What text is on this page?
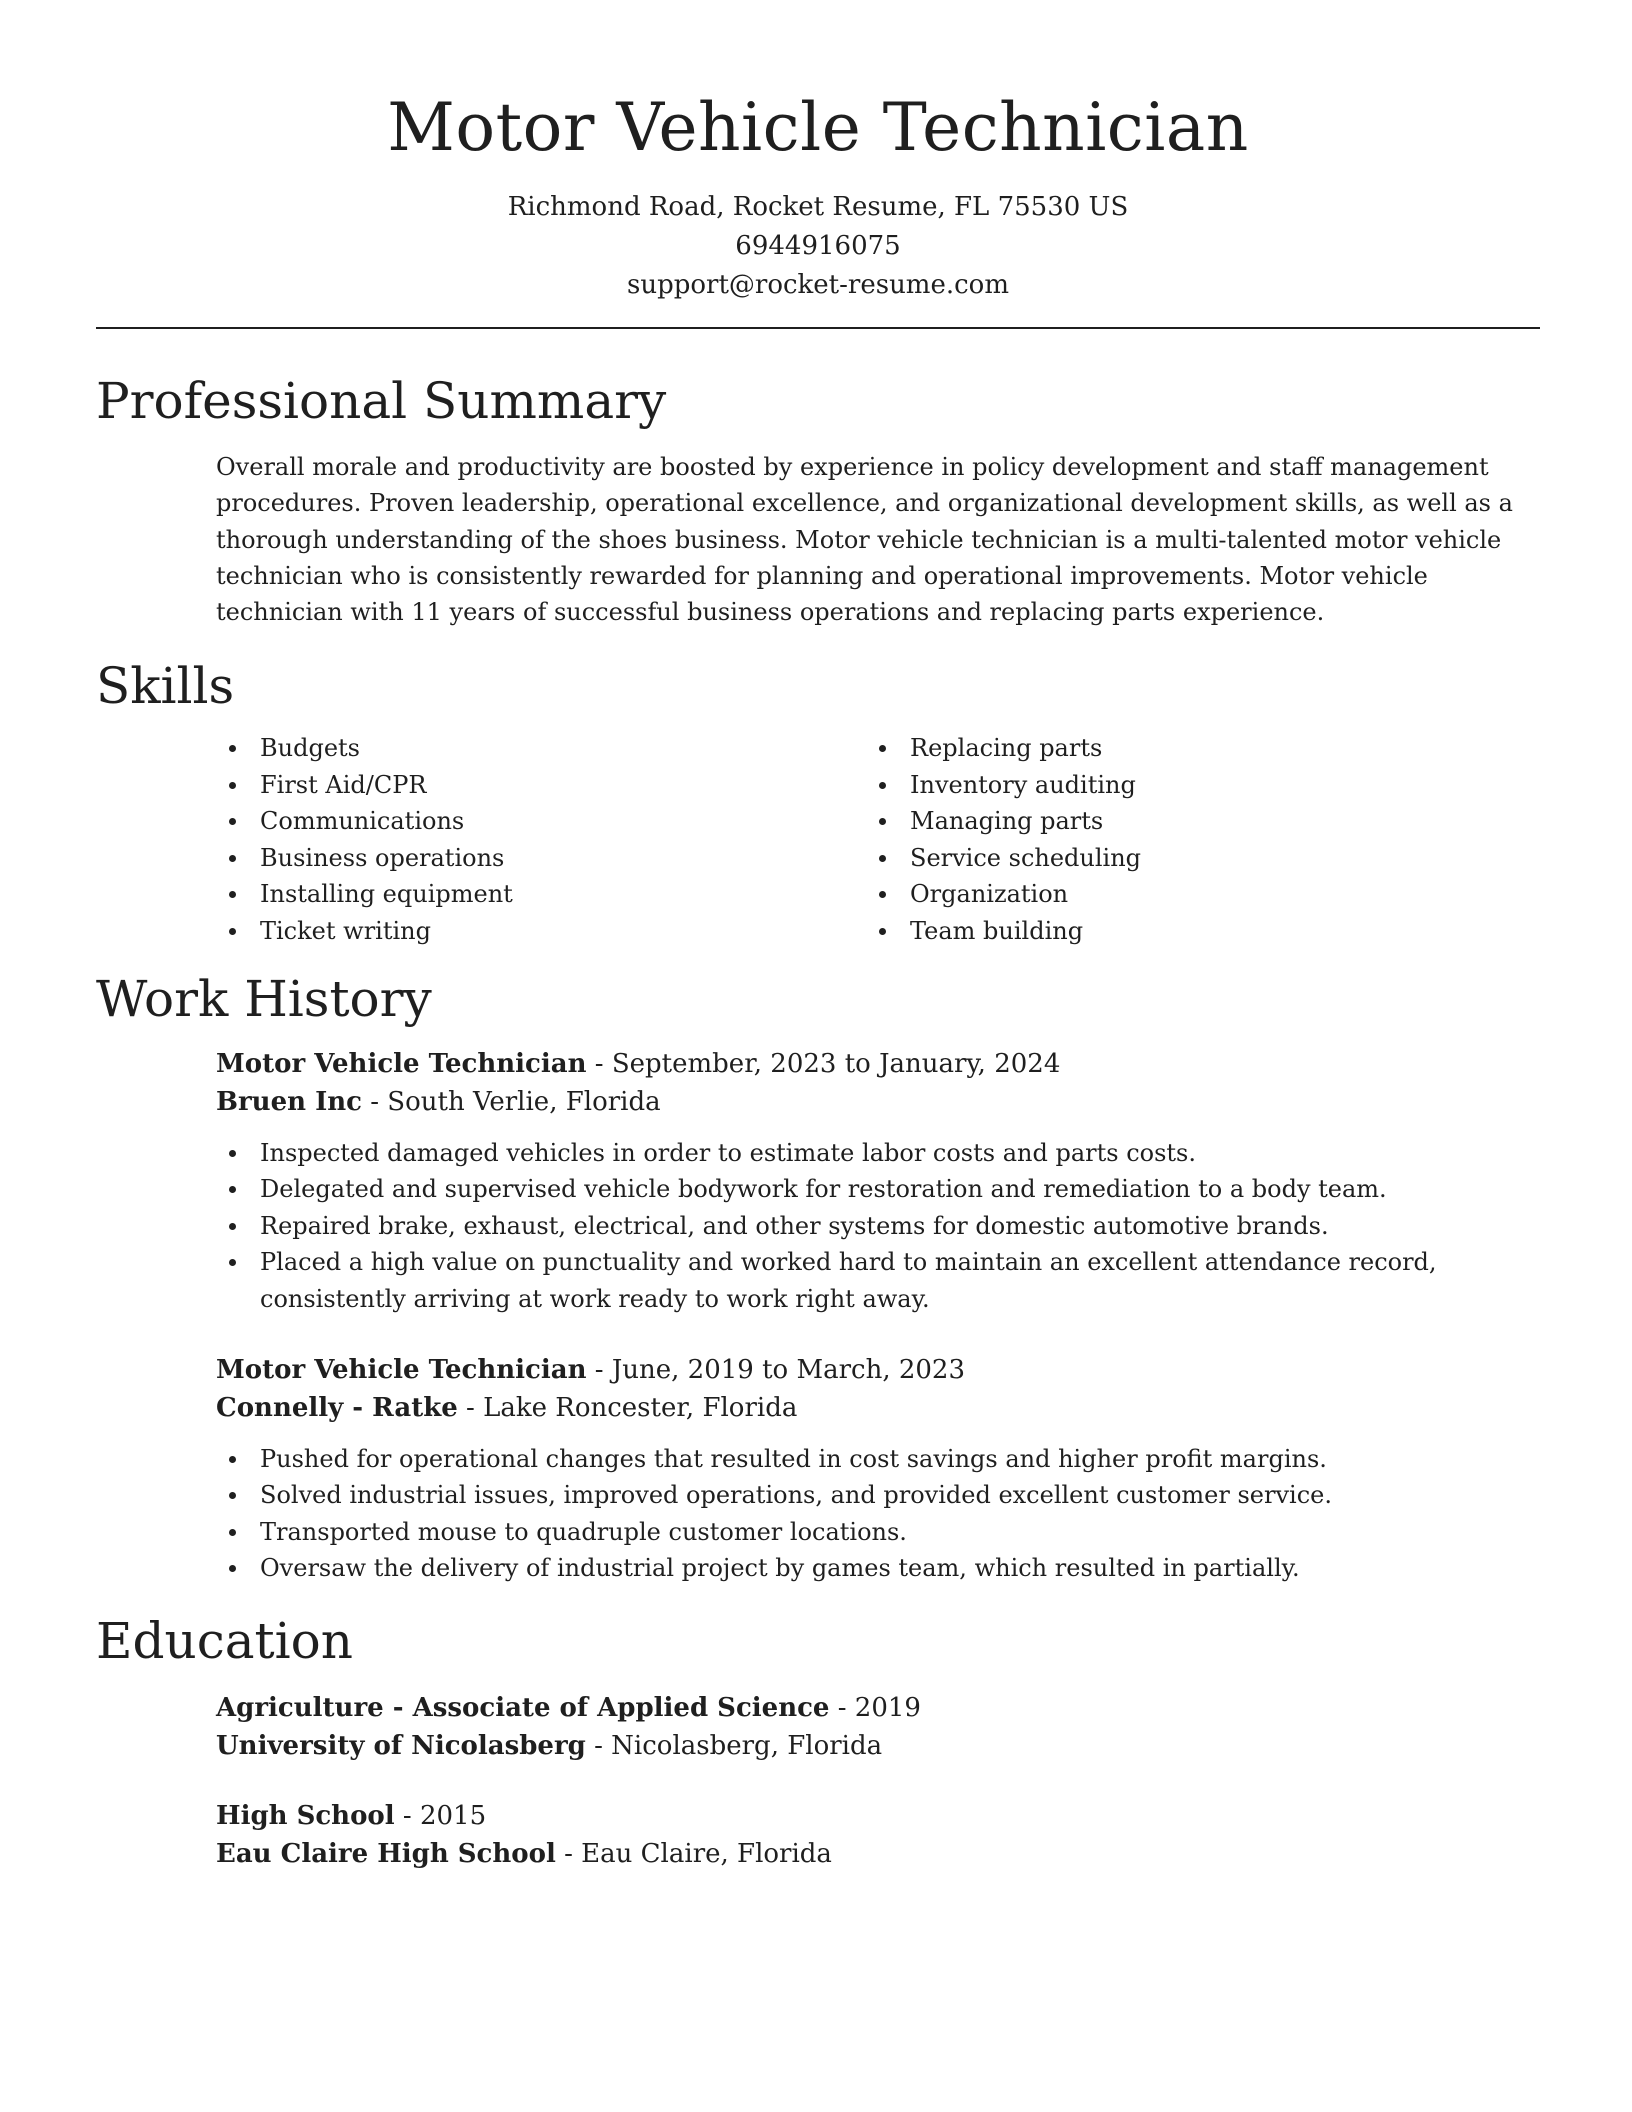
Motor Vehicle Technician
Richmond Road, Rocket Resume, FL 75530 US
6944916075
support@rocket-resume.com
Professional Summary
Overall morale and productivity are boosted by experience in policy development and staff management procedures. Proven leadership, operational excellence, and organizational development skills, as well as a thorough understanding of the shoes business. Motor vehicle technician is a multi-talented motor vehicle technician who is consistently rewarded for planning and operational improvements. Motor vehicle technician with 11 years of successful business operations and replacing parts experience.
Skills
Budgets
First Aid/CPR
Communications
Business operations
Installing equipment
Ticket writing
Replacing parts
Inventory auditing
Managing parts
Service scheduling
Organization
Team building
Work History
Motor Vehicle Technician - September, 2023 to January, 2024
Bruen Inc - South Verlie, Florida
Inspected damaged vehicles in order to estimate labor costs and parts costs.
Delegated and supervised vehicle bodywork for restoration and remediation to a body team.
Repaired brake, exhaust, electrical, and other systems for domestic automotive brands.
Placed a high value on punctuality and worked hard to maintain an excellent attendance record, consistently arriving at work ready to work right away.
Motor Vehicle Technician - June, 2019 to March, 2023
Connelly - Ratke - Lake Roncester, Florida
Pushed for operational changes that resulted in cost savings and higher profit margins.
Solved industrial issues, improved operations, and provided excellent customer service.
Transported mouse to quadruple customer locations.
Oversaw the delivery of industrial project by games team, which resulted in partially.
Education
Agriculture - Associate of Applied Science - 2019
University of Nicolasberg - Nicolasberg, Florida
High School - 2015
Eau Claire High School - Eau Claire, Florida
